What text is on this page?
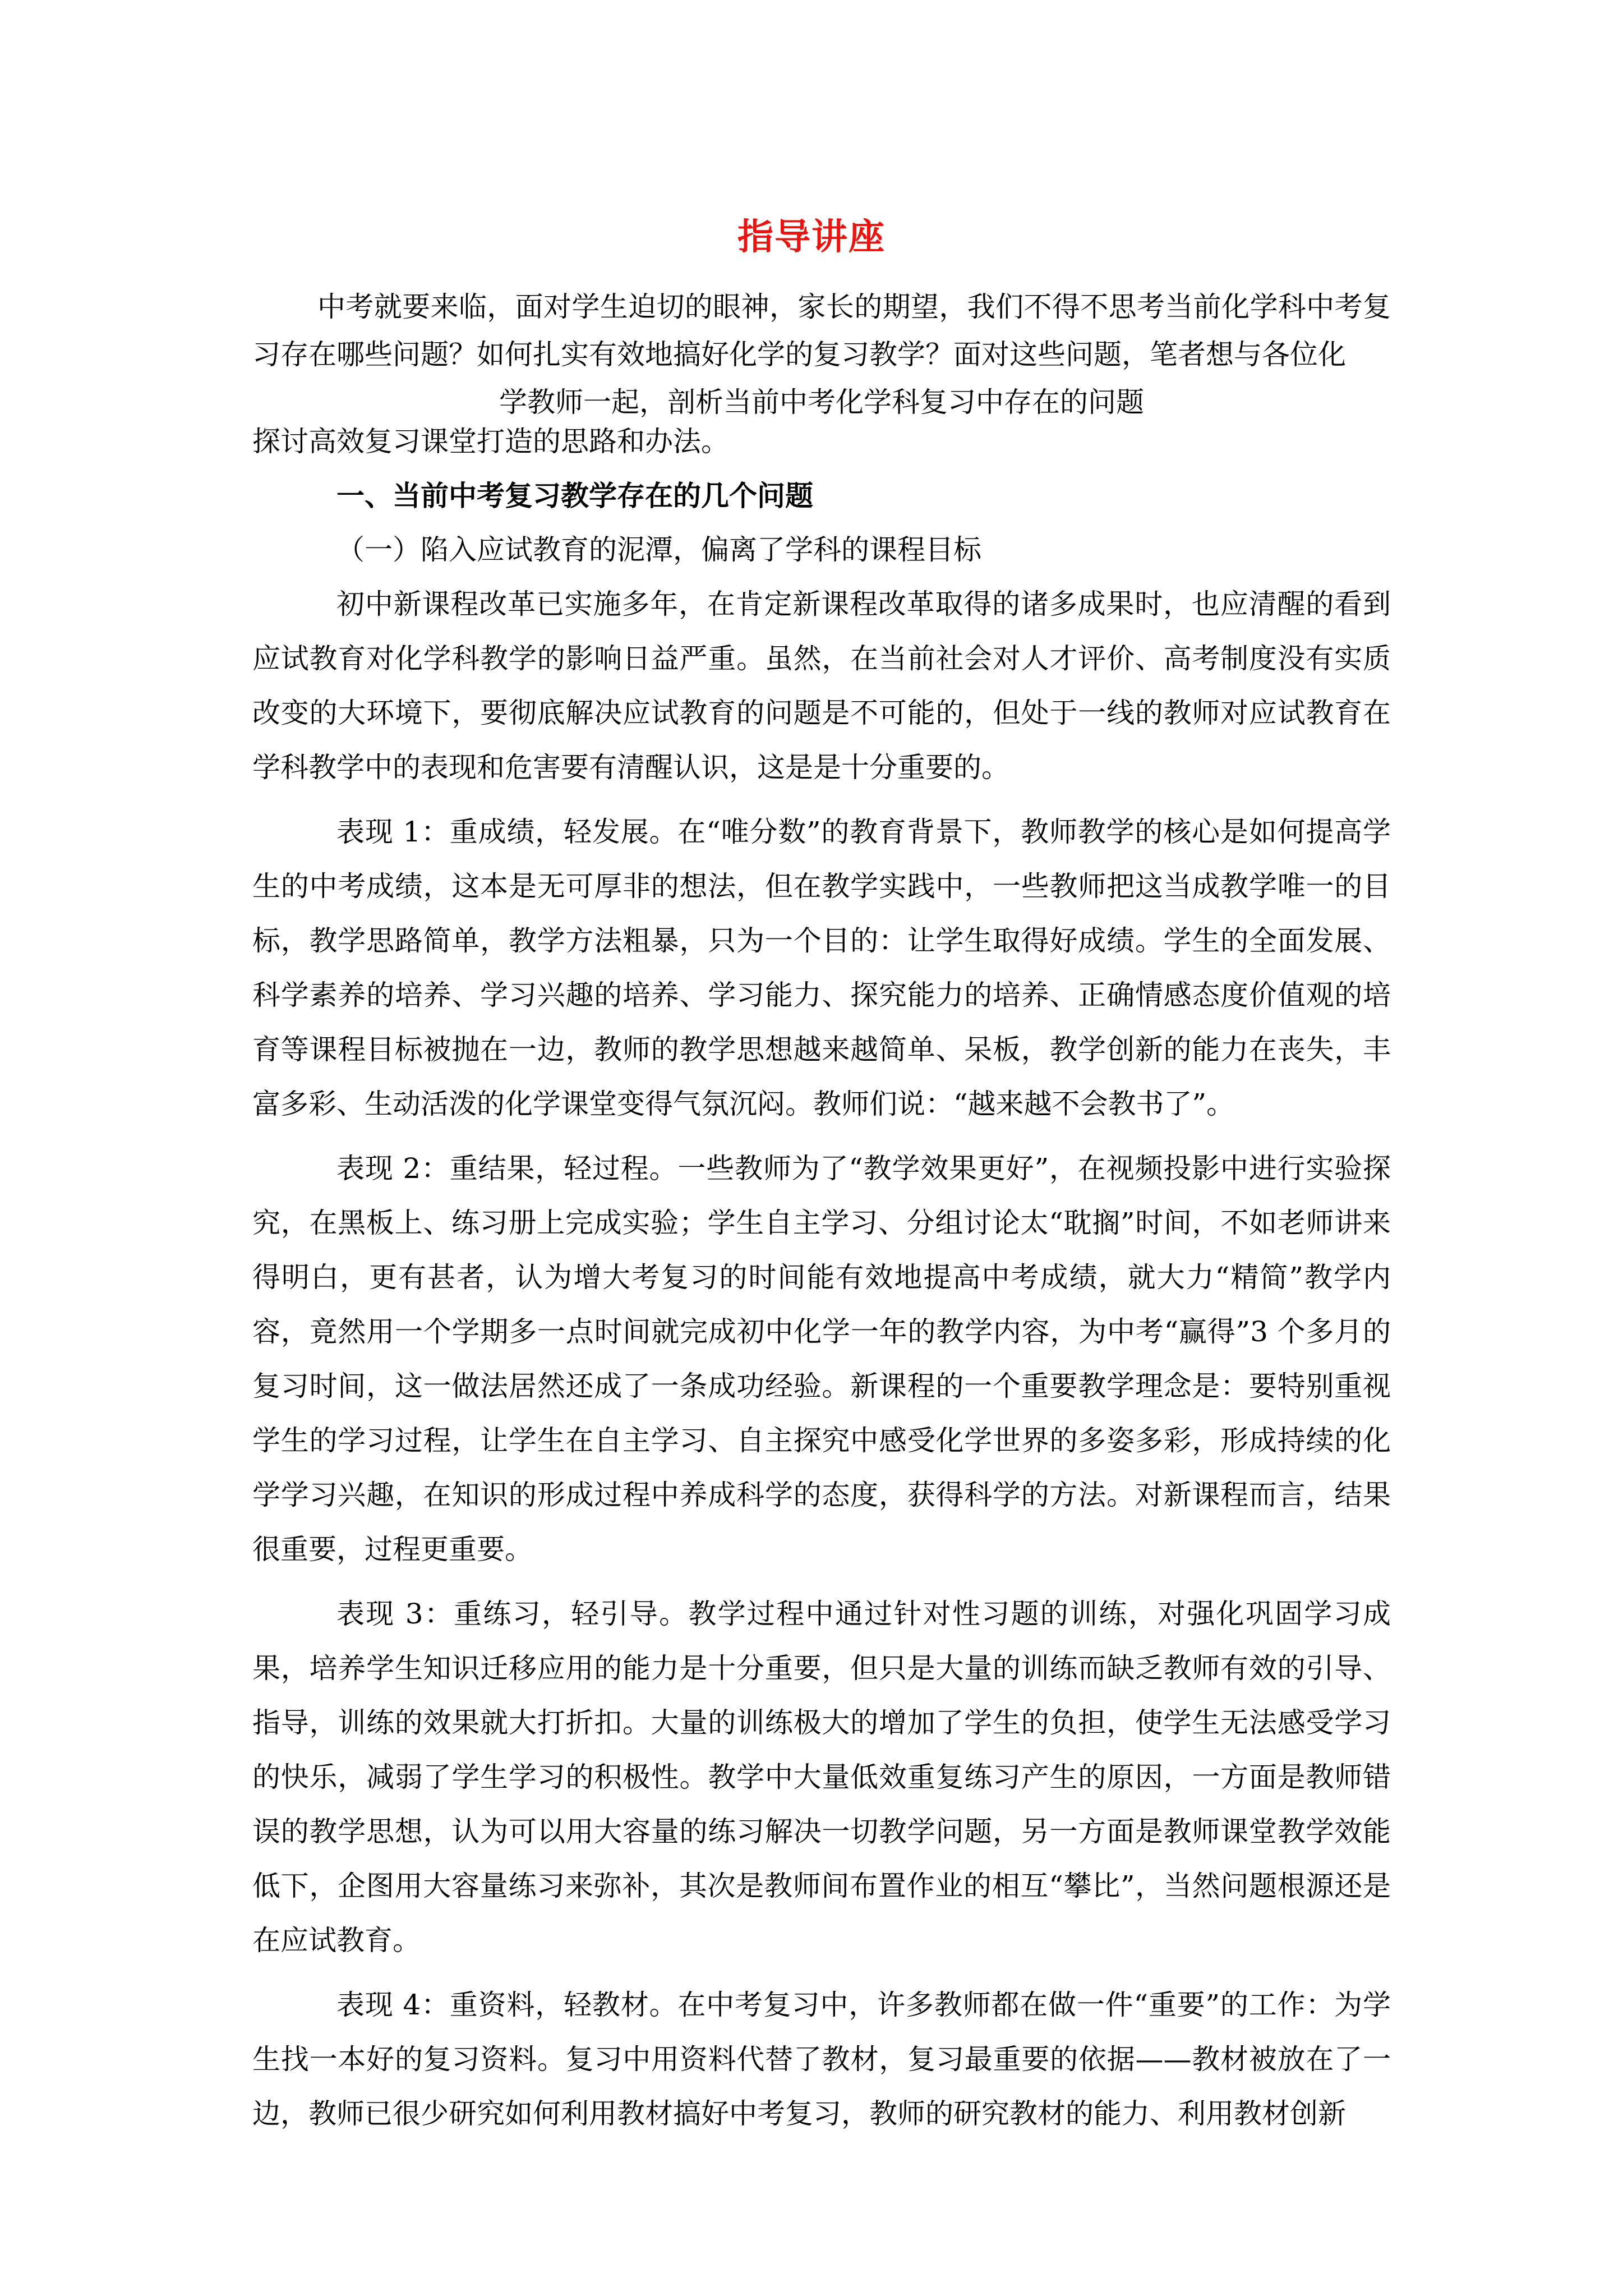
指导讲座
中考就要来临，面对学生迫切的眼神，家长的期望，我们不得不思考当前化学科中考复习存在哪些问题？如何扎实有效地搞好化学的复习教学？面对这些问题，笔者想与各位化
学教师一起，剖析当前中考化学科复习中存在的问题
探讨高效复习课堂打造的思路和办法。

一、当前中考复习教学存在的几个问题

（一）陷入应试教育的泥潭，偏离了学科的课程目标

初中新课程改革已实施多年，在肯定新课程改革取得的诸多成果时，也应清醒的看到应试教育对化学科教学的影响日益严重。虽然，在当前社会对人才评价、高考制度没有实质改变的大环境下，要彻底解决应试教育的问题是不可能的，但处于一线的教师对应试教育在学科教学中的表现和危害要有清醒认识，这是是十分重要的。

表现 1：重成绩，轻发展。在“唯分数”的教育背景下，教师教学的核心是如何提高学生的中考成绩，这本是无可厚非的想法，但在教学实践中，一些教师把这当成教学唯一的目标，教学思路简单，教学方法粗暴，只为一个目的：让学生取得好成绩。学生的全面发展、科学素养的培养、学习兴趣的培养、学习能力、探究能力的培养、正确情感态度价值观的培育等课程目标被抛在一边，教师的教学思想越来越简单、呆板，教学创新的能力在丧失，丰富多彩、生动活泼的化学课堂变得气氛沉闷。教师们说：“越来越不会教书了”。

表现 2：重结果，轻过程。一些教师为了“教学效果更好”，在视频投影中进行实验探究，在黑板上、练习册上完成实验；学生自主学习、分组讨论太“耽搁”时间，不如老师讲来得明白，更有甚者，认为增大考复习的时间能有效地提高中考成绩，就大力“精简”教学内容，竟然用一个学期多一点时间就完成初中化学一年的教学内容，为中考“赢得”3 个多月的复习时间，这一做法居然还成了一条成功经验。新课程的一个重要教学理念是：要特别重视学生的学习过程，让学生在自主学习、自主探究中感受化学世界的多姿多彩，形成持续的化学学习兴趣，在知识的形成过程中养成科学的态度，获得科学的方法。对新课程而言，结果很重要，过程更重要。

表现 3：重练习，轻引导。教学过程中通过针对性习题的训练，对强化巩固学习成果，培养学生知识迁移应用的能力是十分重要，但只是大量的训练而缺乏教师有效的引导、指导，训练的效果就大打折扣。大量的训练极大的增加了学生的负担，使学生无法感受学习的快乐，减弱了学生学习的积极性。教学中大量低效重复练习产生的原因，一方面是教师错误的教学思想，认为可以用大容量的练习解决一切教学问题，另一方面是教师课堂教学效能低下，企图用大容量练习来弥补，其次是教师间布置作业的相互“攀比”，当然问题根源还是在应试教育。

表现 4：重资料，轻教材。在中考复习中，许多教师都在做一件“重要”的工作：为学生找一本好的复习资料。复习中用资料代替了教材，复习最重要的依据——教材被放在了一边，教师已很少研究如何利用教材搞好中考复习，教师的研究教材的能力、利用教材创新
